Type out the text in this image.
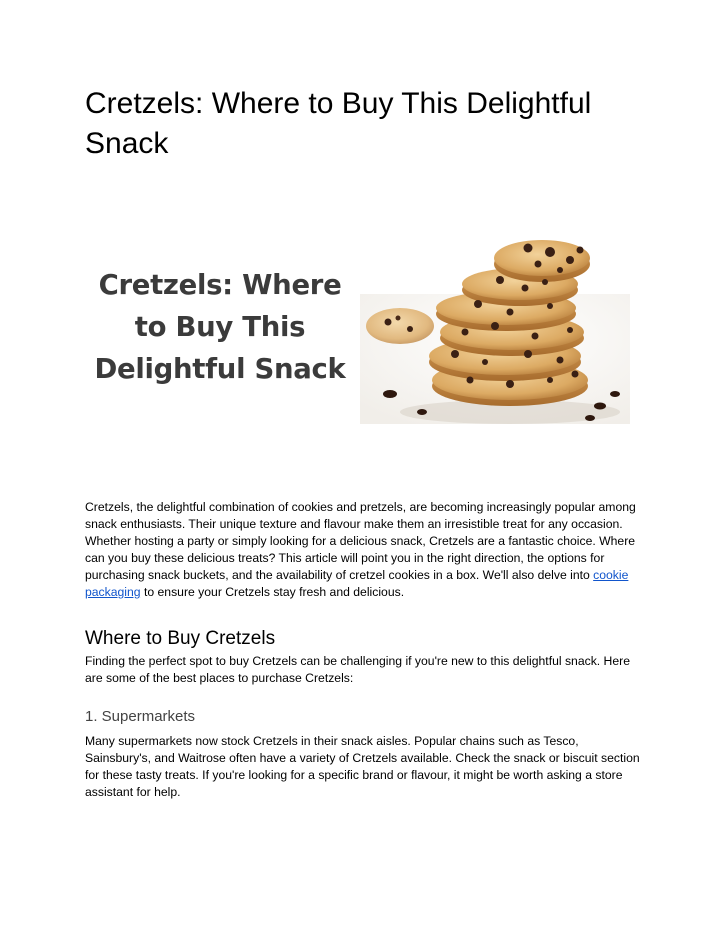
Cretzels: Where to Buy This Delightful Snack
Cretzels: Where
to Buy This
Delightful Snack

Cretzels, the delightful combination of cookies and pretzels, are becoming increasingly popular among snack enthusiasts. Their unique texture and flavour make them an irresistible treat for any occasion. Whether hosting a party or simply looking for a delicious snack, Cretzels are a fantastic choice. Where can you buy these delicious treats? This article will point you in the right direction, the options for purchasing snack buckets, and the availability of cretzel cookies in a box. We'll also delve into cookie packaging to ensure your Cretzels stay fresh and delicious.

Where to Buy Cretzels

Finding the perfect spot to buy Cretzels can be challenging if you're new to this delightful snack. Here are some of the best places to purchase Cretzels:

1. Supermarkets

Many supermarkets now stock Cretzels in their snack aisles. Popular chains such as Tesco, Sainsbury's, and Waitrose often have a variety of Cretzels available. Check the snack or biscuit section for these tasty treats. If you're looking for a specific brand or flavour, it might be worth asking a store assistant for help.
